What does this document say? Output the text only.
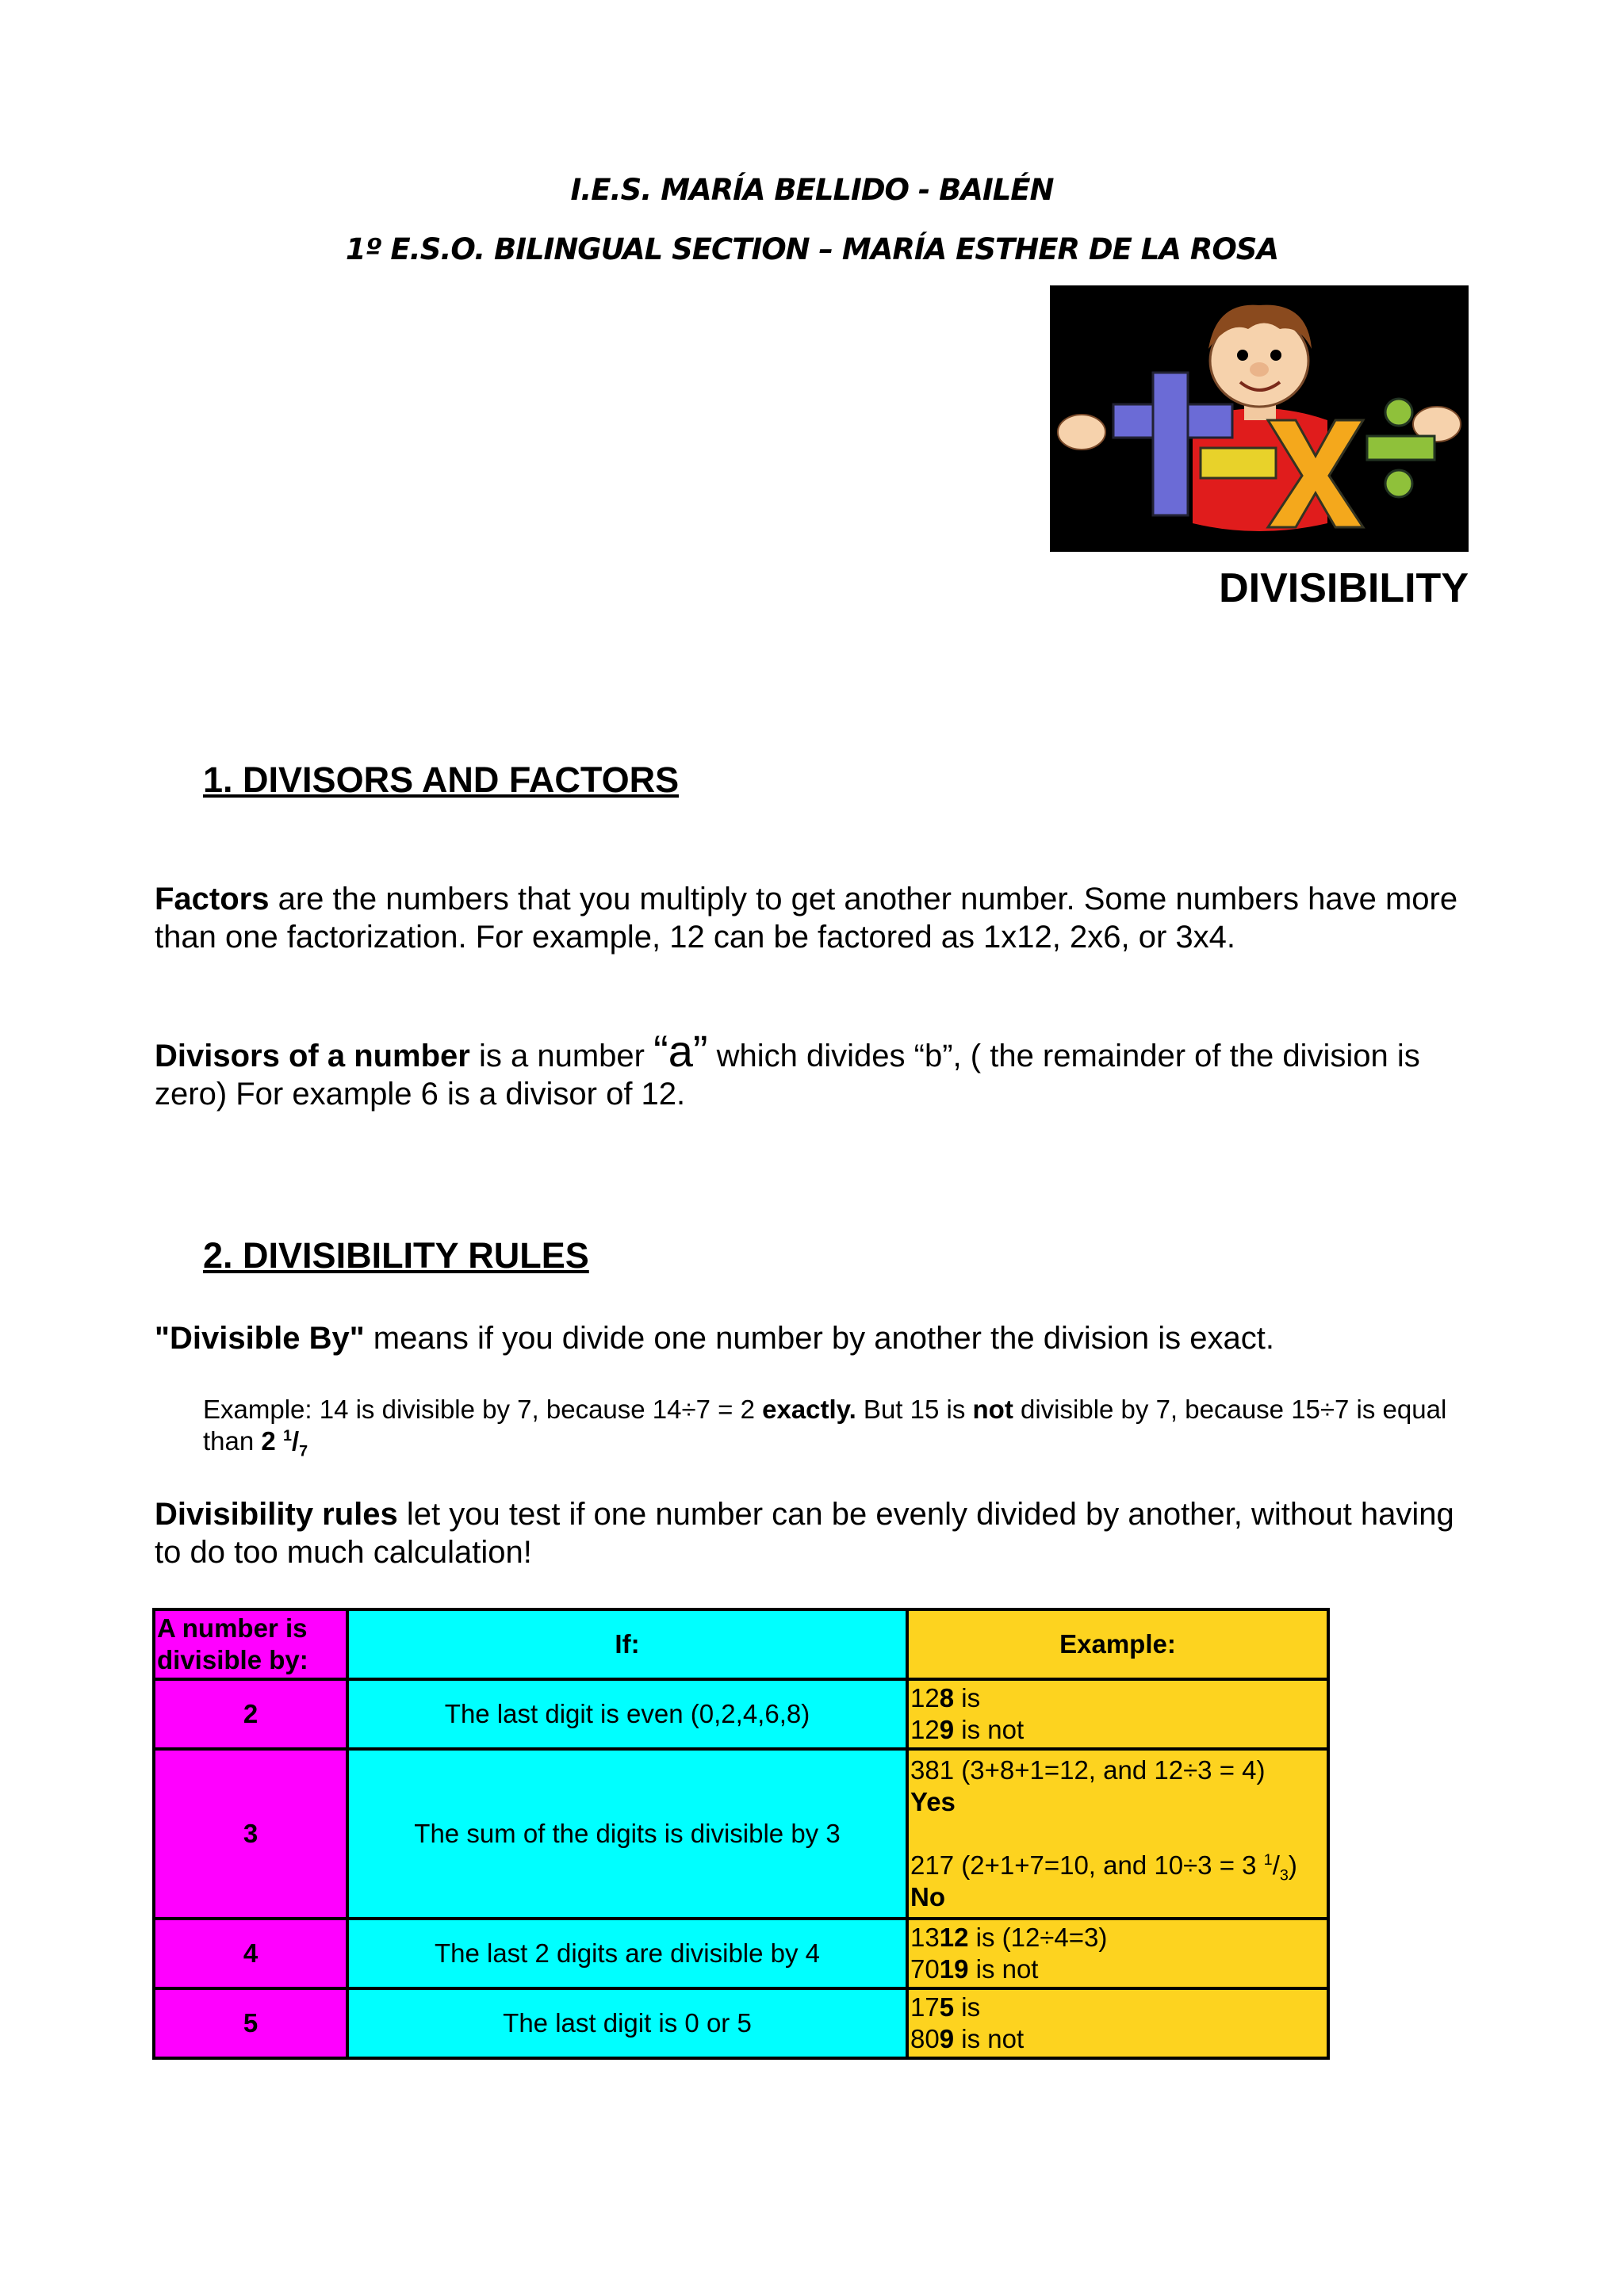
I.E.S. MARÍA BELLIDO - BAILÉN
1º E.S.O. BILINGUAL SECTION – MARÍA ESTHER DE LA ROSA
DIVISIBILITY
1. DIVISORS AND FACTORS

Factors are the numbers that you multiply to get another number. Some numbers have more than one factorization. For example, 12 can be factored as 1x12, 2x6, or 3x4.

Divisors of a number is a number “a” which divides “b”, ( the remainder of the division is zero) For example 6 is a divisor of 12.

2. DIVISIBILITY RULES

"Divisible By" means if you divide one number by another the division is exact.

Example: 14 is divisible by 7, because 14÷7 = 2 exactly. But 15 is not divisible by 7, because 15÷7 is equal than 2 $^1/_7$

Divisibility rules let you test if one number can be evenly divided by another, without having to do too much calculation!

A number is divisible by:	If:	Example:
2	The last digit is even (0,2,4,6,8)	128 is
129 is not

3	The sum of the digits is divisible by 3	381 (3+8+1=12, and 12÷3 = 4)
Yes
217 (2+1+7=10, and 10÷3 = 3 $^1/_3$)
No

4	The last 2 digits are divisible by 4	1312 is (12÷4=3)
7019 is not

5	The last digit is 0 or 5	175 is
809 is not
